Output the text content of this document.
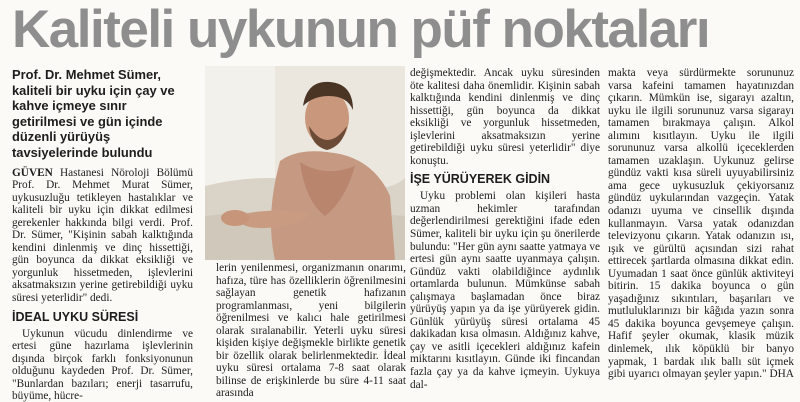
Kaliteli uykunun püf noktaları
Prof. Dr. Mehmet Sümer, kaliteli bir uyku için çay ve kahve içmeye sınır getirilmesi ve gün içinde düzenli yürüyüş tavsiyelerinde bulundu

GÜVEN Hastanesi Nöroloji Bölümü Prof. Dr. Mehmet Murat Sümer, uykusuzluğu tetikleyen hastalıklar ve kaliteli bir uyku için dikkat edilmesi gerekenler hakkında bilgi verdi. Prof. Dr. Sümer, "Kişinin sabah kalktığında kendini dinlenmiş ve dinç hissettiği, gün boyunca da dikkat eksikliği ve yorgunluk hissetmeden, işlevlerini aksatmaksızın yerine getirebildiği uyku süresi yeterlidir" dedi.

İDEAL UYKU SÜRESİ

Uykunun vücudu dinlendirme ve ertesi güne hazırlama işlevlerinin dışında birçok farklı fonksiyonunun olduğunu kaydeden Prof. Dr. Sümer, "Bunlardan bazıları; enerji tasarrufu, büyüme, hücre-

lerin yenilenmesi, organizmanın onarımı, hafıza, türe has özelliklerin öğrenilmesini sağlayan genetik hafızanın programlanması, yeni bilgilerin öğrenilmesi ve kalıcı hale getirilmesi olarak sıralanabilir. Yeterli uyku süresi kişiden kişiye değişmekle birlikte genetik bir özellik olarak belirlenmektedir. İdeal uyku süresi ortalama 7-8 saat olarak bilinse de erişkinlerde bu süre 4-11 saat arasında

değişmektedir. Ancak uyku süresinden öte kalitesi daha önemlidir. Kişinin sabah kalktığında kendini dinlenmiş ve dinç hissettiği, gün boyunca da dikkat eksikliği ve yorgunluk hissetmeden, işlevlerini aksatmaksızın yerine getirebildiği uyku süresi yeterlidir" diye konuştu.

İŞE YÜRÜYEREK GİDİN

Uyku problemi olan kişileri hasta uzman hekimler tarafından değerlendirilmesi gerektiğini ifade eden Sümer, kaliteli bir uyku için şu önerilerde bulundu: "Her gün aynı saatte yatmaya ve ertesi gün aynı saatte uyanmaya çalışın. Gündüz vakti olabildiğince aydınlık ortamlarda bulunun. Mümkünse sabah çalışmaya başlamadan önce biraz yürüyüş yapın ya da işe yürüyerek gidin. Günlük yürüyüş süresi ortalama 45 dakikadan kısa olmasın. Aldığınız kahve, çay ve asitli içecekleri aldığınız kafein miktarını kısıtlayın. Günde iki fincandan fazla çay ya da kahve içmeyin. Uykuya dal-

makta veya sürdürmekte sorununuz varsa kafeini tamamen hayatınızdan çıkarın. Mümkün ise, sigarayı azaltın, uyku ile ilgili sorununuz varsa sigarayı tamamen bırakmaya çalışın. Alkol alımını kısıtlayın. Uyku ile ilgili sorununuz varsa alkollü içeceklerden tamamen uzaklaşın. Uykunuz gelirse gündüz vakti kısa süreli uyuyabilirsiniz ama gece uykusuzluk çekiyorsanız gündüz uykularından vazgeçin. Yatak odanızı uyuma ve cinsellik dışında kullanmayın. Varsa yatak odanızdan televizyonu çıkarın. Yatak odanızın ısı, ışık ve gürültü açısından sizi rahat ettirecek şartlarda olmasına dikkat edin. Uyumadan 1 saat önce günlük aktiviteyi bitirin. 15 dakika boyunca o gün yaşadığınız sıkıntıları, başarıları ve mutluluklarınızı bir kâğıda yazın sonra 45 dakika boyunca gevşemeye çalışın. Hafif şeyler okumak, klasik müzik dinlemek, ılık köpüklü bir banyo yapmak, 1 bardak ılık ballı süt içmek gibi uyarıcı olmayan şeyler yapın." DHA
